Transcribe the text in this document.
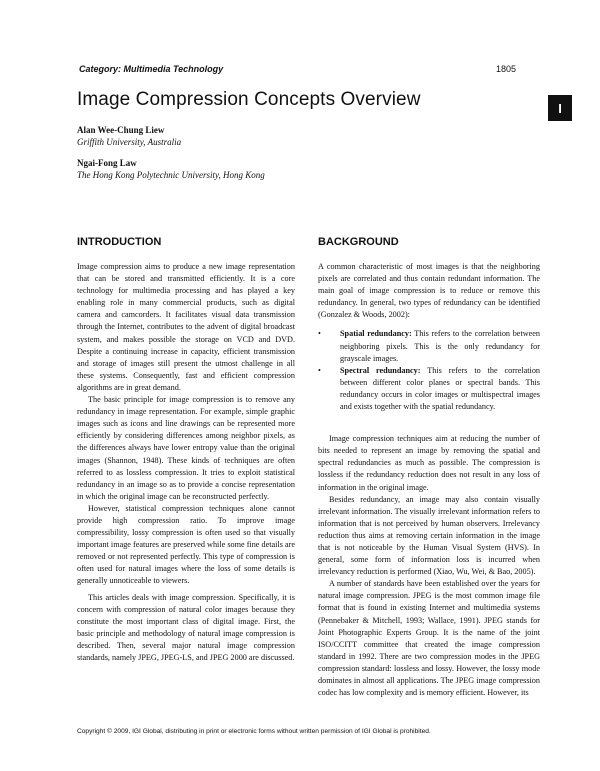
Category: Multimedia Technology	1805
I
Image Compression Concepts Overview
Alan Wee-Chung Liew
Griffith University, Australia
Ngai-Fong Law
The Hong Kong Polytechnic University, Hong Kong
INTRODUCTION

Image compression aims to produce a new image representation that can be stored and transmitted efficiently. It is a core technology for multimedia processing and has played a key enabling role in many commercial products, such as digital camera and camcorders. It facilitates visual data transmission through the Internet, contributes to the advent of digital broadcast system, and makes possible the storage on VCD and DVD. Despite a continuing increase in capacity, efficient transmission and storage of images still present the utmost challenge in all these systems. Consequently, fast and efficient compression algorithms are in great demand.

The basic principle for image compression is to remove any redundancy in image representation. For example, simple graphic images such as icons and line drawings can be represented more efficiently by considering differences among neighbor pixels, as the differences always have lower entropy value than the original images (Shannon, 1948). These kinds of techniques are often referred to as lossless compression. It tries to exploit statistical redundancy in an image so as to provide a concise representation in which the original image can be reconstructed perfectly.

However, statistical compression techniques alone cannot provide high compression ratio. To improve image compressibility, lossy compression is often used so that visually important image features are preserved while some fine details are removed or not represented perfectly. This type of compression is often used for natural images where the loss of some details is generally unnoticeable to viewers.

This articles deals with image compression. Specifically, it is concern with compression of natural color images because they constitute the most important class of digital image. First, the basic principle and methodology of natural image compression is described. Then, several major natural image compression standards, namely JPEG, JPEG-LS, and JPEG 2000 are discussed.

BACKGROUND

A common characteristic of most images is that the neighboring pixels are correlated and thus contain redundant information. The main goal of image compression is to reduce or remove this redundancy. In general, two types of redundancy can be identified (Gonzalez & Woods, 2002):

• Spatial redundancy: This refers to the correlation between neighboring pixels. This is the only redundancy for grayscale images.
• Spectral redundancy: This refers to the correlation between different color planes or spectral bands. This redundancy occurs in color images or multispectral images and exists together with the spatial redundancy.

Image compression techniques aim at reducing the number of bits needed to represent an image by removing the spatial and spectral redundancies as much as possible. The compression is lossless if the redundancy reduction does not result in any loss of information in the original image.

Besides redundancy, an image may also contain visually irrelevant information. The visually irrelevant information refers to information that is not perceived by human observers. Irrelevancy reduction thus aims at removing certain information in the image that is not noticeable by the Human Visual System (HVS). In general, some form of information loss is incurred when irrelevancy reduction is performed (Xiao, Wu, Wei, & Bao, 2005).

A number of standards have been established over the years for natural image compression. JPEG is the most common image file format that is found in existing Internet and multimedia systems (Pennebaker & Mitchell, 1993; Wallace, 1991). JPEG stands for Joint Photographic Experts Group. It is the name of the joint ISO/CCITT committee that created the image compression standard in 1992. There are two compression modes in the JPEG compression standard: lossless and lossy. However, the lossy mode dominates in almost all applications. The JPEG image compression codec has low complexity and is memory efficient. However, its

Copyright © 2009, IGI Global, distributing in print or electronic forms without written permission of IGI Global is prohibited.
